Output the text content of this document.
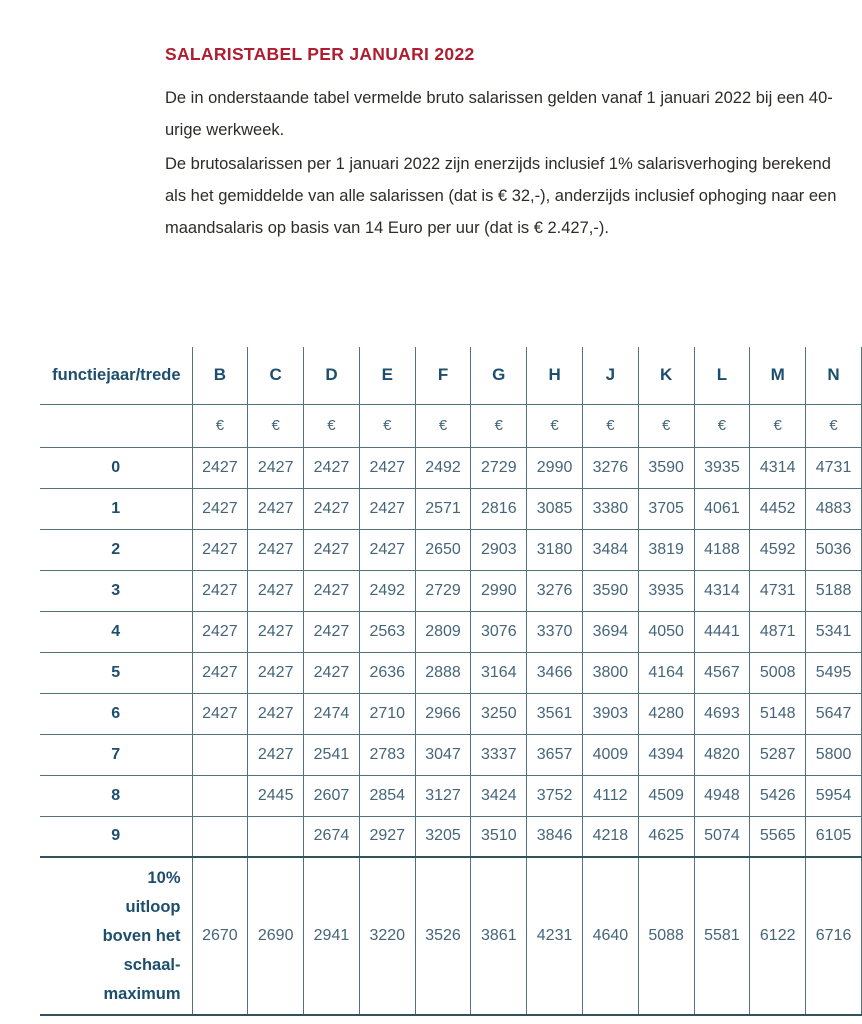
SALARISTABEL PER JANUARI 2022

De in onderstaande tabel vermelde bruto salarissen gelden vanaf 1 januari 2022 bij een 40-urige werkweek.

De brutosalarissen per 1 januari 2022 zijn enerzijds inclusief 1% salarisverhoging berekend als het gemiddelde van alle salarissen (dat is € 32,-), anderzijds inclusief ophoging naar een maandsalaris op basis van 14 Euro per uur (dat is € 2.427,-).

functiejaar/trede	B	C	D	E	F	G	H	J	K	L	M	N
	€	€	€	€	€	€	€	€	€	€	€	€
0	2427	2427	2427	2427	2492	2729	2990	3276	3590	3935	4314	4731
1	2427	2427	2427	2427	2571	2816	3085	3380	3705	4061	4452	4883
2	2427	2427	2427	2427	2650	2903	3180	3484	3819	4188	4592	5036
3	2427	2427	2427	2492	2729	2990	3276	3590	3935	4314	4731	5188
4	2427	2427	2427	2563	2809	3076	3370	3694	4050	4441	4871	5341
5	2427	2427	2427	2636	2888	3164	3466	3800	4164	4567	5008	5495
6	2427	2427	2474	2710	2966	3250	3561	3903	4280	4693	5148	5647
7		2427	2541	2783	3047	3337	3657	4009	4394	4820	5287	5800
8		2445	2607	2854	3127	3424	3752	4112	4509	4948	5426	5954
9			2674	2927	3205	3510	3846	4218	4625	5074	5565	6105

10%
uitloop
boven het
schaal-
maximum	2670	2690	2941	3220	3526	3861	4231	4640	5088	5581	6122	6716
